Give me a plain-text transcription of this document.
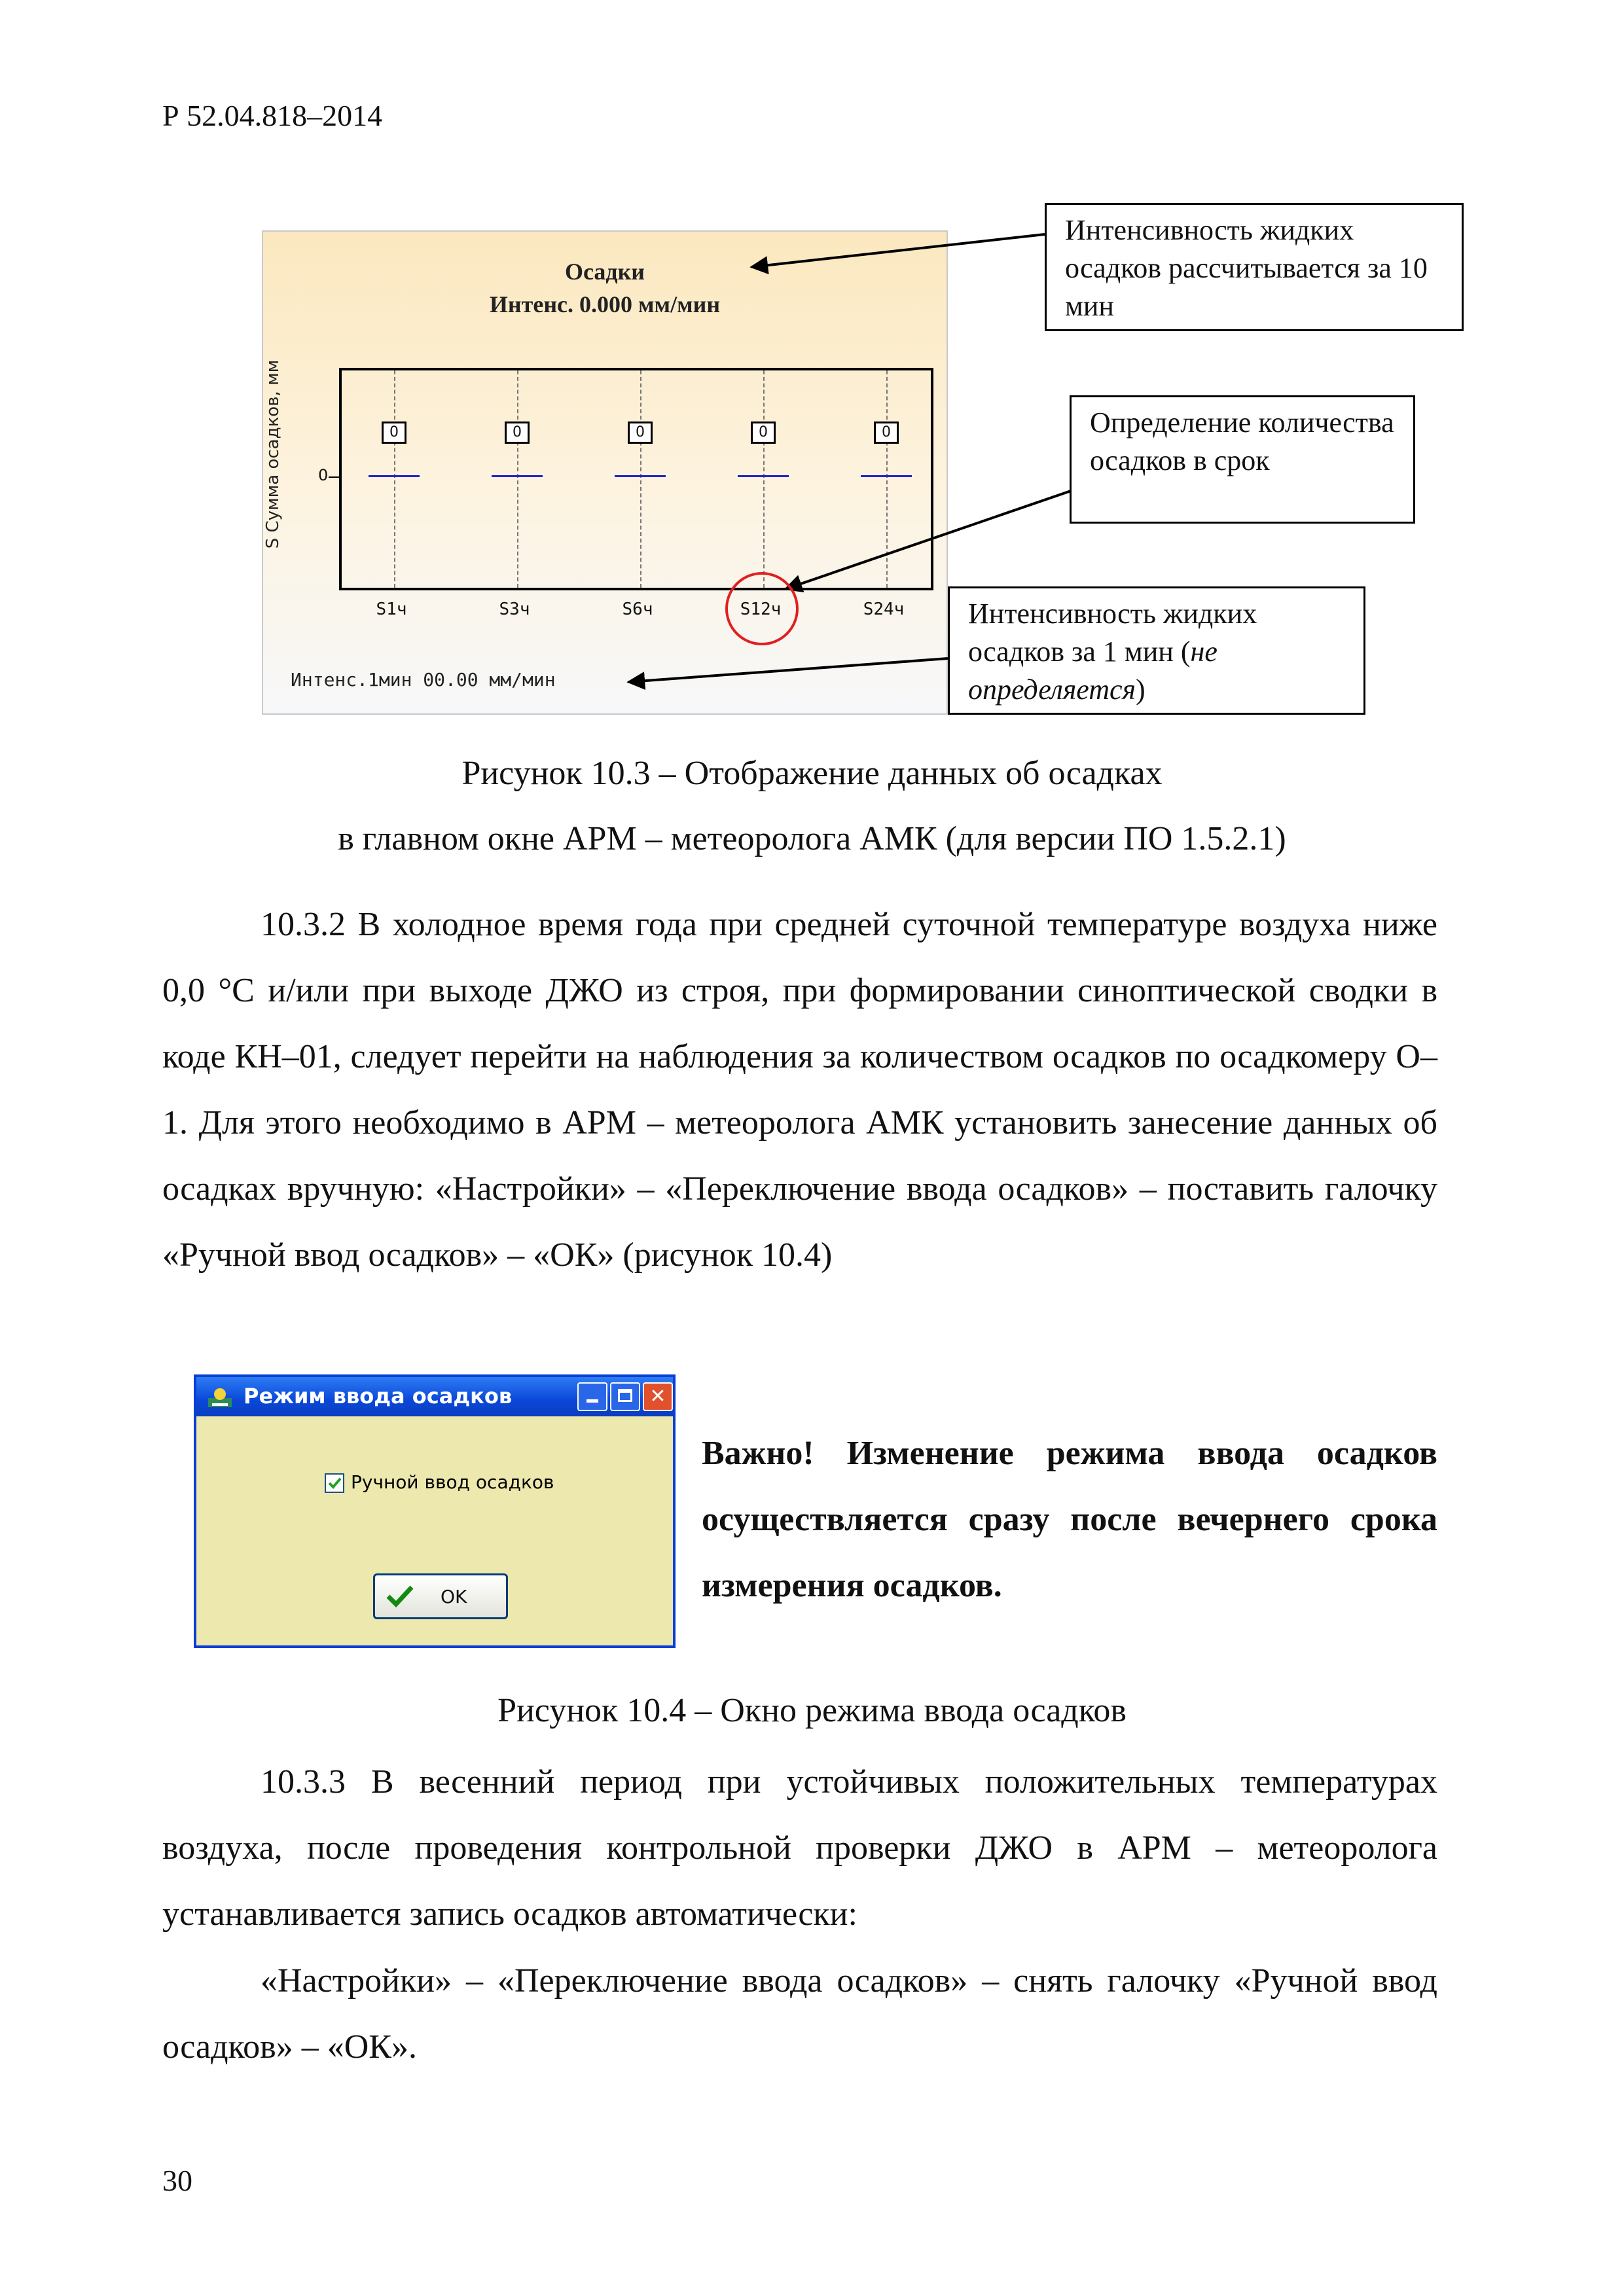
Р 52.04.818–2014
Осадки
Интенс. 0.000 мм/мин
S Сумма осадков, мм 0
0	0	0	0	0
S1ч	S3ч	S6ч	S12ч	S24ч
Интенс.1мин 00.00 мм/мин
Интенсивность жидких осадков рассчитывается за 10 мин
Определение количества осадков в срок
Интенсивность жидких
осадков за 1 мин (не определяется)
Рисунок 10.3 – Отображение данных об осадках
в главном окне АРМ – метеоролога АМК (для версии ПО 1.5.2.1)
10.3.2 В холодное время года при средней суточной температуре воздуха ниже 0,0 °С и/или при выходе ДЖО из строя, при формировании синоптической сводки в коде КН–01, следует перейти на наблюдения за количеством осадков по осадкомеру О–1. Для этого необходимо в АРМ – метеоролога АМК установить занесение данных об осадках вручную: «Настройки» – «Переключение ввода осадков» – поставить галочку «Ручной ввод осадков» – «ОК» (рисунок 10.4)
Режим ввода осадков	✕
Ручной ввод осадков
OK
Важно! Изменение режима ввода осадков осуществляется сразу после вечернего срока измерения осадков.
Рисунок 10.4 – Окно режима ввода осадков
10.3.3 В весенний период при устойчивых положительных температурах воздуха, после проведения контрольной проверки ДЖО в АРМ – метеоролога устанавливается запись осадков автоматически:
«Настройки» – «Переключение ввода осадков» – снять галочку «Ручной ввод осадков» – «ОК».
30
